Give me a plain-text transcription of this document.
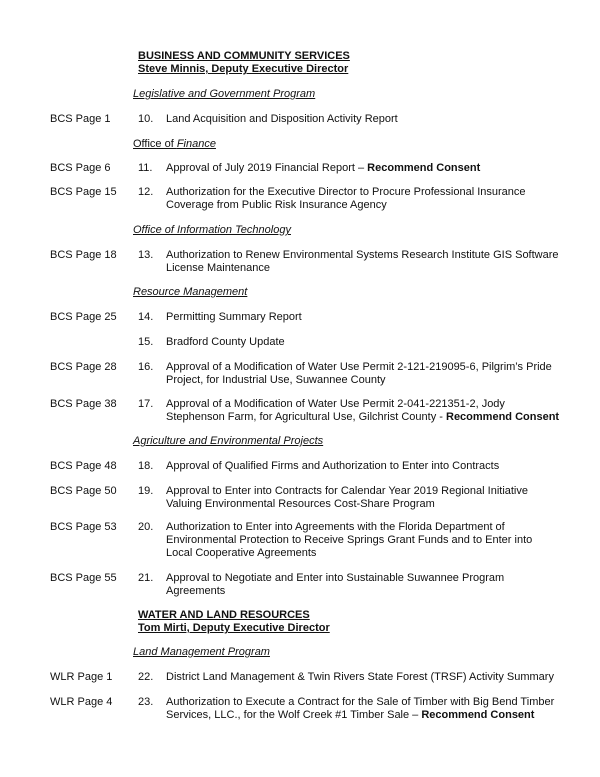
BUSINESS AND COMMUNITY SERVICES
Steve Minnis, Deputy Executive Director
Legislative and Government Program
BCS Page 1 10. Land Acquisition and Disposition Activity Report
Office of Finance
BCS Page 6 11. Approval of July 2019 Financial Report – Recommend Consent
BCS Page 15 12. Authorization for the Executive Director to Procure Professional Insurance
Coverage from Public Risk Insurance Agency
Office of Information Technology
BCS Page 18 13. Authorization to Renew Environmental Systems Research Institute GIS Software
License Maintenance
Resource Management
BCS Page 25 14. Permitting Summary Report
15. Bradford County Update
BCS Page 28 16. Approval of a Modification of Water Use Permit 2-121-219095-6, Pilgrim’s Pride
Project, for Industrial Use, Suwannee County
BCS Page 38 17. Approval of a Modification of Water Use Permit 2-041-221351-2, Jody
Stephenson Farm, for Agricultural Use, Gilchrist County - Recommend Consent
Agriculture and Environmental Projects
BCS Page 48 18. Approval of Qualified Firms and Authorization to Enter into Contracts
BCS Page 50 19. Approval to Enter into Contracts for Calendar Year 2019 Regional Initiative
Valuing Environmental Resources Cost-Share Program
BCS Page 53 20. Authorization to Enter into Agreements with the Florida Department of
Environmental Protection to Receive Springs Grant Funds and to Enter into
Local Cooperative Agreements
BCS Page 55 21. Approval to Negotiate and Enter into Sustainable Suwannee Program
Agreements
WATER AND LAND RESOURCES
Tom Mirti, Deputy Executive Director
Land Management Program
WLR Page 1 22. District Land Management & Twin Rivers State Forest (TRSF) Activity Summary
WLR Page 4 23. Authorization to Execute a Contract for the Sale of Timber with Big Bend Timber
Services, LLC., for the Wolf Creek #1 Timber Sale – Recommend Consent
